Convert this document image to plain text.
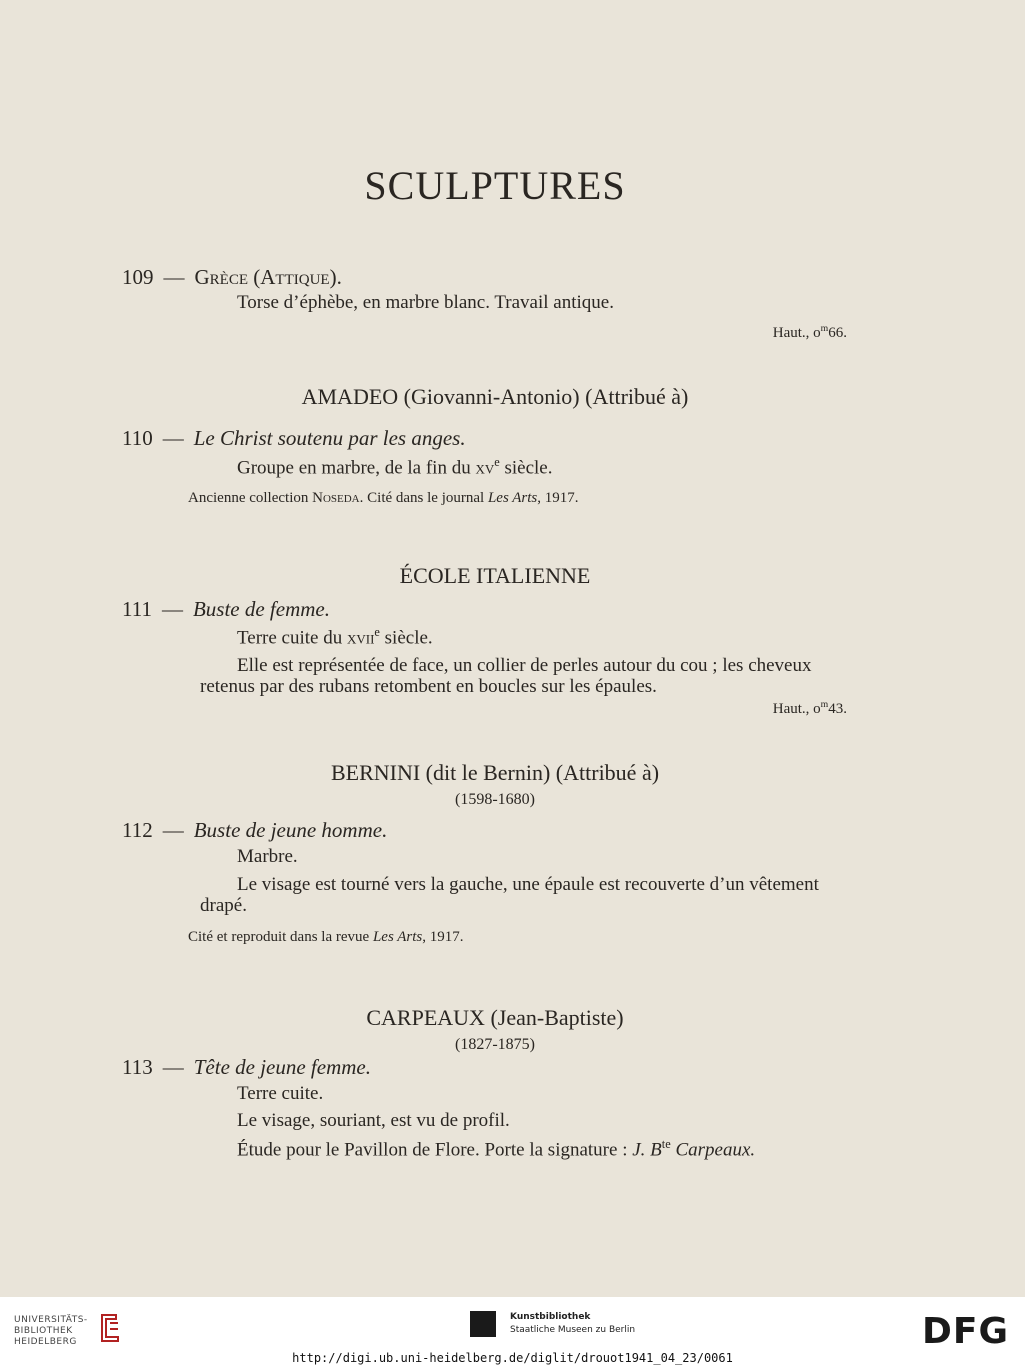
SCULPTURES
109 — Grèce (Attique).
Torse d’éphèbe, en marbre blanc. Travail antique.
Haut., $o^m66$.
AMADEO (Giovanni-Antonio) (Attribué à)
110 — Le Christ soutenu par les anges.
Groupe en marbre, de la fin du $xv^e$ siècle.
Ancienne collection Noseda. Cité dans le journal Les Arts, 1917.
ÉCOLE ITALIENNE
111 — Buste de femme.
Terre cuite du xvii$^e$ siècle.
Elle est représentée de face, un collier de perles autour du cou ; les cheveux retenus par des rubans retombent en boucles sur les épaules.
Haut., $o^m43$.
BERNINI (dit le Bernin) (Attribué à)
(1598-1680)
112 — Buste de jeune homme.
Marbre.
Le visage est tourné vers la gauche, une épaule est recouverte d’un vêtement drapé.
Cité et reproduit dans la revue Les Arts, 1917.
CARPEAUX (Jean-Baptiste)
(1827-1875)
113 — Tête de jeune femme.
Terre cuite.
Le visage, souriant, est vu de profil.
Étude pour le Pavillon de Flore. Porte la signature : J. $B^{te}$ Carpeaux.
UNIVERSITÄTS-
BIBLIOTHEK
HEIDELBERG
Kunstbibliothek
Staatliche Museen zu Berlin	DFG
http://digi.ub.uni-heidelberg.de/diglit/drouot1941_04_23/0061
